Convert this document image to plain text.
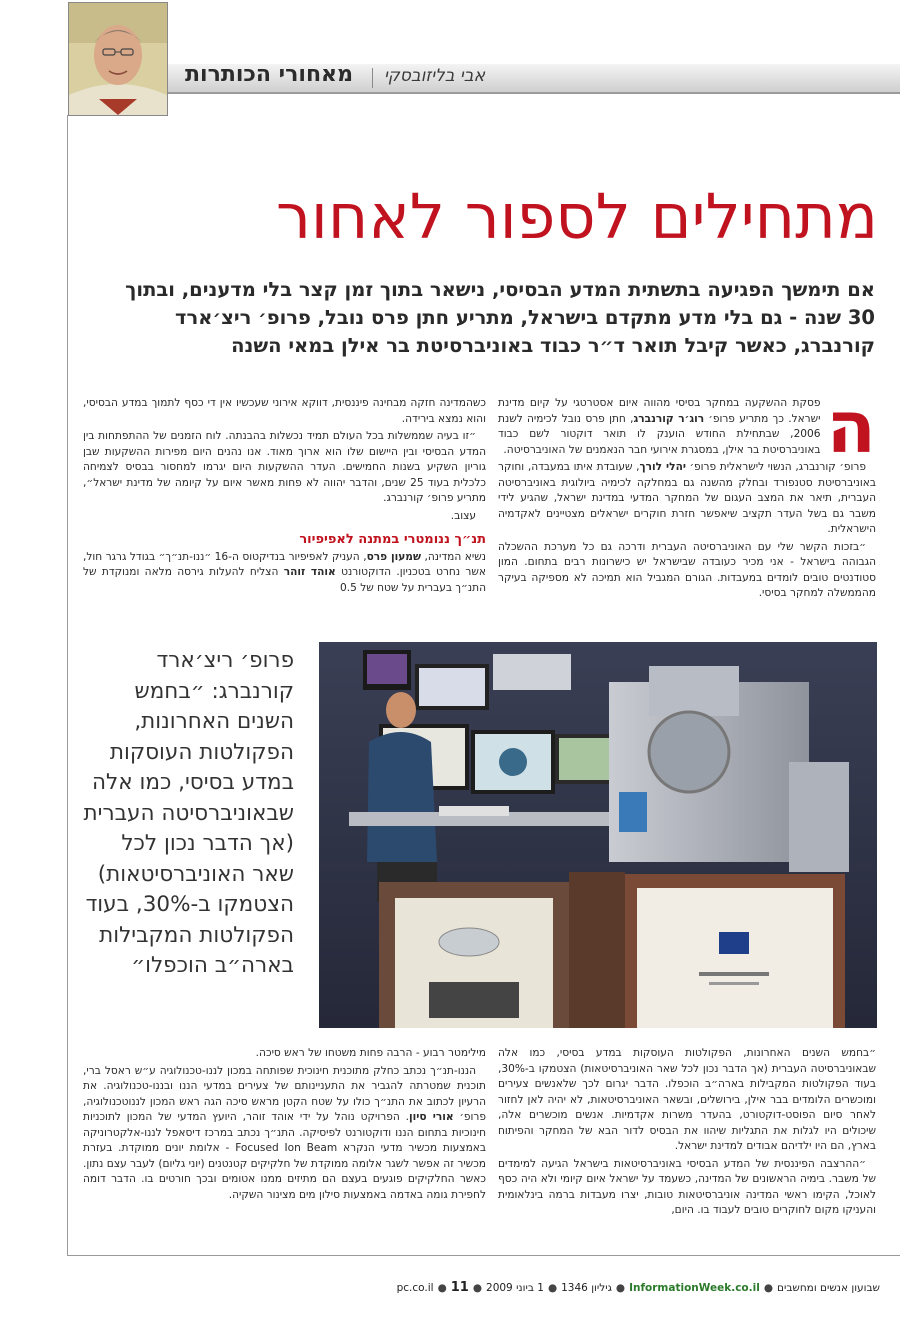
מאחורי הכותרות אבי בליזובסקי
מתחילים לספור לאחור
אם תימשך הפגיעה בתשתית המדע הבסיסי, נישאר בתוך זמן קצר בלי מדענים, ובתוך 30 שנה - גם בלי מדע מתקדם בישראל, מתריע חתן פרס נובל, פרופ׳ ריצ׳ארד קורנברג, כאשר קיבל תואר ד״ר כבוד באוניברסיטת בר אילן במאי השנה
ה

פסקת ההשקעה במחקר בסיסי מהווה איום אסטרטגי על קיום מדינת ישראל. כך מתריע פרופ׳ רוג׳ר קורנברג, חתן פרס נובל לכימיה לשנת 2006, שבתחילת החודש הוענק לו תואר דוקטור לשם כבוד באוניברסיטת בר אילן, במסגרת אירועי חבר הנאמנים של האוניברסיטה.

פרופ׳ קורנברג, הנשוי לישראלית פרופ׳ יהלי לורך, שעובדת איתו במעבדה, וחוקר באוניברסיטת סטנפורד ובחלק מהשנה גם במחלקה לכימיה ביולוגית באוניברסיטה העברית, תיאר את המצב העגום של המחקר המדעי במדינת ישראל, שהגיע לידי משבר גם בשל העדר תקציב שיאפשר חזרת חוקרים ישראלים מצטיינים לאקדמיה הישראלית.

״בזכות הקשר שלי עם האוניברסיטה העברית ודרכה גם כל מערכת ההשכלה הגבוהה בישראל - אני מכיר כעובדה שבישראל יש כישרונות רבים בתחום. המון סטודנטים טובים לומדים במעבדות. הגורם המגביל הוא תמיכה לא מספיקה בעיקר מהממשלה למחקר בסיסי.

כשהמדינה חזקה מבחינה פיננסית, דווקא אירוני שעכשיו אין די כסף לתמוך במדע הבסיסי, והוא נמצא בירידה.

״זו בעיה שממשלות בכל העולם תמיד נכשלות בהבנתה. לוח הזמנים של ההתפתחות בין המדע הבסיסי ובין היישום שלו הוא ארוך מאוד. אנו נהנים היום מפירות ההשקעות שבן גוריון השקיע בשנות החמישים. העדר ההשקעות היום יגרמו למחסור בבסיס לצמיחה כלכלית בעוד 25 שנים, והדבר יהווה לא פחות מאשר איום על קיומה של מדינת ישראל״, מתריע פרופ׳ קורנברג.

עצוב.

תנ״ך ננומטרי במתנה לאפיפיור

נשיא המדינה, שמעון פרס, העניק לאפיפיור בנדיקטוס ה-16 ״ננו-תנ״ך״ בגודל גרגר חול, אשר נחרט בטכניון. הדוקטורנט אוהד זוהר הצליח להעלות גירסה מלאה ומנוקדת של התנ״ך בעברית על שטח של 0.5

פרופ׳ ריצ׳ארד קורנברג: ״בחמש השנים האחרונות, הפקולטות העוסקות במדע בסיסי, כמו אלה שבאוניברסיטה העברית (אך הדבר נכון לכל שאר האוניברסיטאות) הצטמקו ב-30%, בעוד הפקולטות המקבילות בארה״ב הוכפלו״

״בחמש השנים האחרונות, הפקולטות העוסקות במדע בסיסי, כמו אלה שבאוניברסיטה העברית (אך הדבר נכון לכל שאר האוניברסיטאות) הצטמקו ב-30%, בעוד הפקולטות המקבילות בארה״ב הוכפלו. הדבר יגרום לכך שלאנשים צעירים ומוכשרים הלומדים בבר אילן, בירושלים, ובשאר האוניברסיטאות, לא יהיה לאן לחזור לאחר סיום הפוסט-דוקטורט, בהעדר משרות אקדמיות. אנשים מוכשרים אלה, שיכולים היו לגלות את התגליות שיהוו את הבסיס לדור הבא של המחקר והפיתוח בארץ, הם היו ילדיהם אבודים למדינת ישראל.

״ההרצבה הפיננסית של המדע הבסיסי באוניברסיטאות בישראל הגיעה למימדים של משבר. בימיה הראשונים של המדינה, כשעמד על ישראל איום קיומי ולא היה כסף לאוכל, הקימו ראשי המדינה אוניברסיטאות טובות, יצרו מעבדות ברמה בינלאומית והעניקו מקום לחוקרים טובים לעבוד בו. היום,

מילימטר רבוע - הרבה פחות משטחו של ראש סיכה.

הננו-תנ״ך נכתב כחלק מתוכנית חינוכית שפותחה במכון לננו-טכנולוגיה ע״ש ראסל ברי, תוכנית שמטרתה להגביר את התעניינותם של צעירים במדעי הננו ובננו-טכנולוגיה. את הרעיון לכתוב את התנ״ך כולו על שטח הקטן מראש סיכה הגה ראש המכון לננוטכנולוגיה, פרופ׳ אורי סיון. הפרויקט נוהל על ידי אוהד זוהר, היועץ המדעי של המכון לתוכניות חינוכיות בתחום הננו ודוקטורנט לפיסיקה. התנ״ך נכתב במרכז דיסאפל לננו-אלקטרוניקה באמצעות מכשיר מדעי הנקרא Focused Ion Beam - אלומת יונים ממוקדת. בעזרת מכשיר זה אפשר לשגר אלומה ממוקדת של חלקיקים קטנטנים (יוני גליום) לעבר עצם נתון. כאשר החלקיקים פוגעים בעצם הם מתיזים ממנו אטומים ובכך חורטים בו. הדבר דומה לחפירת גומה באדמה באמצעות סילון מים מצינור השקיה.

שבועון אנשים ומחשבים●InformationWeek.co.il●גיליון 1346●1 ביוני 2009●pc.co.il ● 11
